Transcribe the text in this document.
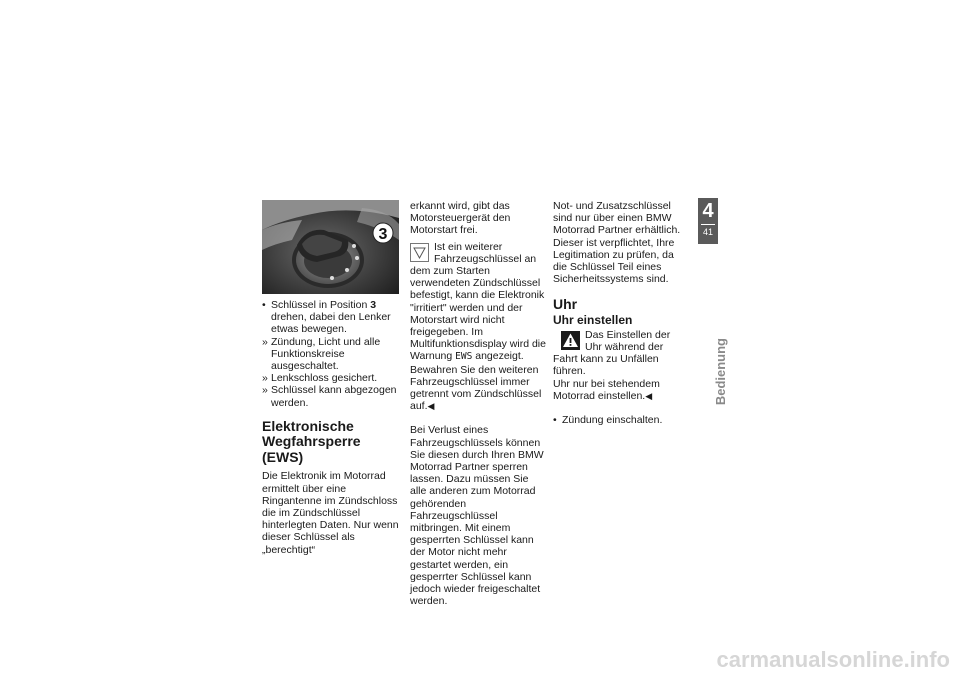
3

• Schlüssel in Position 3 drehen, dabei den Lenker etwas bewegen.

» Zündung, Licht und alle Funktionskreise ausgeschaltet.

» Lenkschloss gesichert.

» Schlüssel kann abgezogen werden.

Elektronische Wegfahrsperre (EWS)

Die Elektronik im Motorrad ermittelt über eine Ringantenne im Zündschloss die im Zündschlüssel hinterlegten Daten. Nur wenn dieser Schlüssel als „berechtigt“

erkannt wird, gibt das Motorsteuergerät den Motorstart frei.

Ist ein weiterer Fahrzeugschlüssel an dem zum Starten verwendeten Zündschlüssel befestigt, kann die Elektronik "irritiert" werden und der Motorstart wird nicht freigegeben. Im Multifunktionsdisplay wird die Warnung EWS angezeigt.

Bewahren Sie den weiteren Fahrzeugschlüssel immer getrennt vom Zündschlüssel auf.◀

Bei Verlust eines Fahrzeugschlüssels können Sie diesen durch Ihren BMW Motorrad Partner sperren lassen. Dazu müssen Sie alle anderen zum Motorrad gehörenden Fahrzeugschlüssel mitbringen. Mit einem gesperrten Schlüssel kann der Motor nicht mehr gestartet werden, ein gesperrter Schlüssel kann jedoch wieder freigeschaltet werden.

Not- und Zusatzschlüssel sind nur über einen BMW Motorrad Partner erhältlich. Dieser ist verpflichtet, Ihre Legitimation zu prüfen, da die Schlüssel Teil eines Sicherheitssystems sind.

Uhr
Uhr einstellen

Das Einstellen der Uhr während der Fahrt kann zu Unfällen führen.

Uhr nur bei stehendem Motorrad einstellen.◀

• Zündung einschalten.

4
41
Bedienung
carmanualsonline.info
